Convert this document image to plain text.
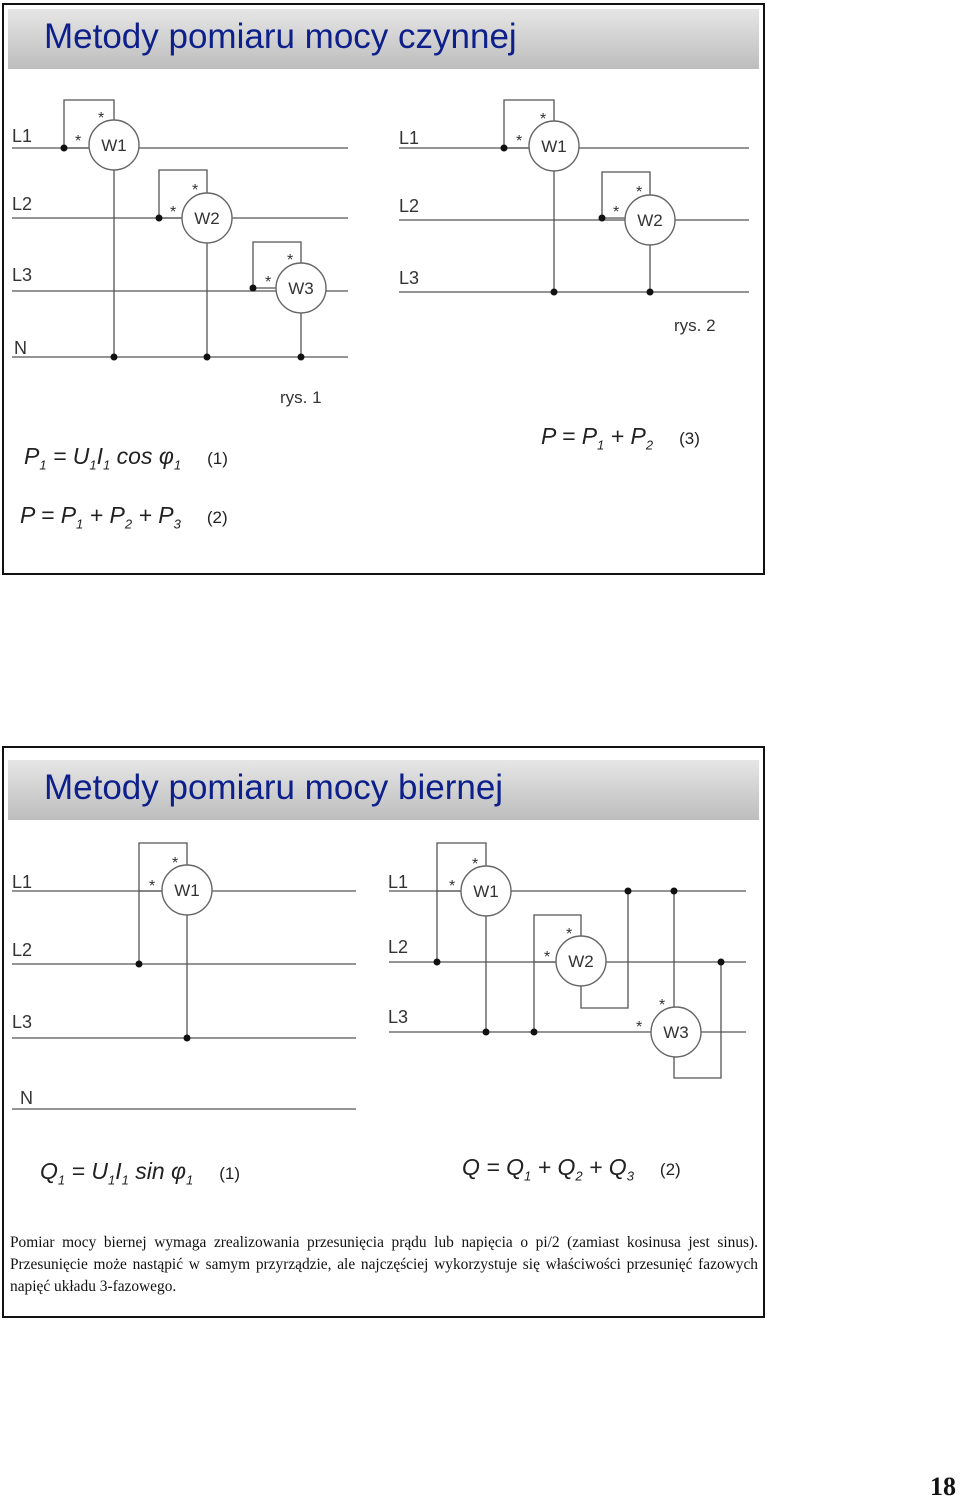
Metody pomiaru mocy czynnej
*
*
*
*
*
*
*
*
*
*
L1
L2
L3
N
L1
L2
L3
W1
W2
W3
W1
W2
rys. 1
rys. 2
$P_1 = U_1I_1$ $\cos \varphi_1$ (1)
$P = P_1 + P_2 + P_3$ (2)
$P = P_1 + P_2$ (3)
Metody pomiaru mocy biernej
*
*
*
*
*
*
*
*
L1
L2
L3
N
L1
L2
L3
W1	W1
W2
W3
$Q_1 = U_1I_1$ $\sin \varphi_1$ (1)	$Q = Q_1 + Q_2 + Q_3$ (2)
Pomiar mocy biernej wymaga zrealizowania przesunięcia prądu lub napięcia o pi/2 (zamiast kosinusa jest sinus). Przesunięcie może nastąpić w samym przyrządzie, ale najczęściej wykorzystuje się właściwości przesunięć fazowych napięć układu 3-fazowego.
18
